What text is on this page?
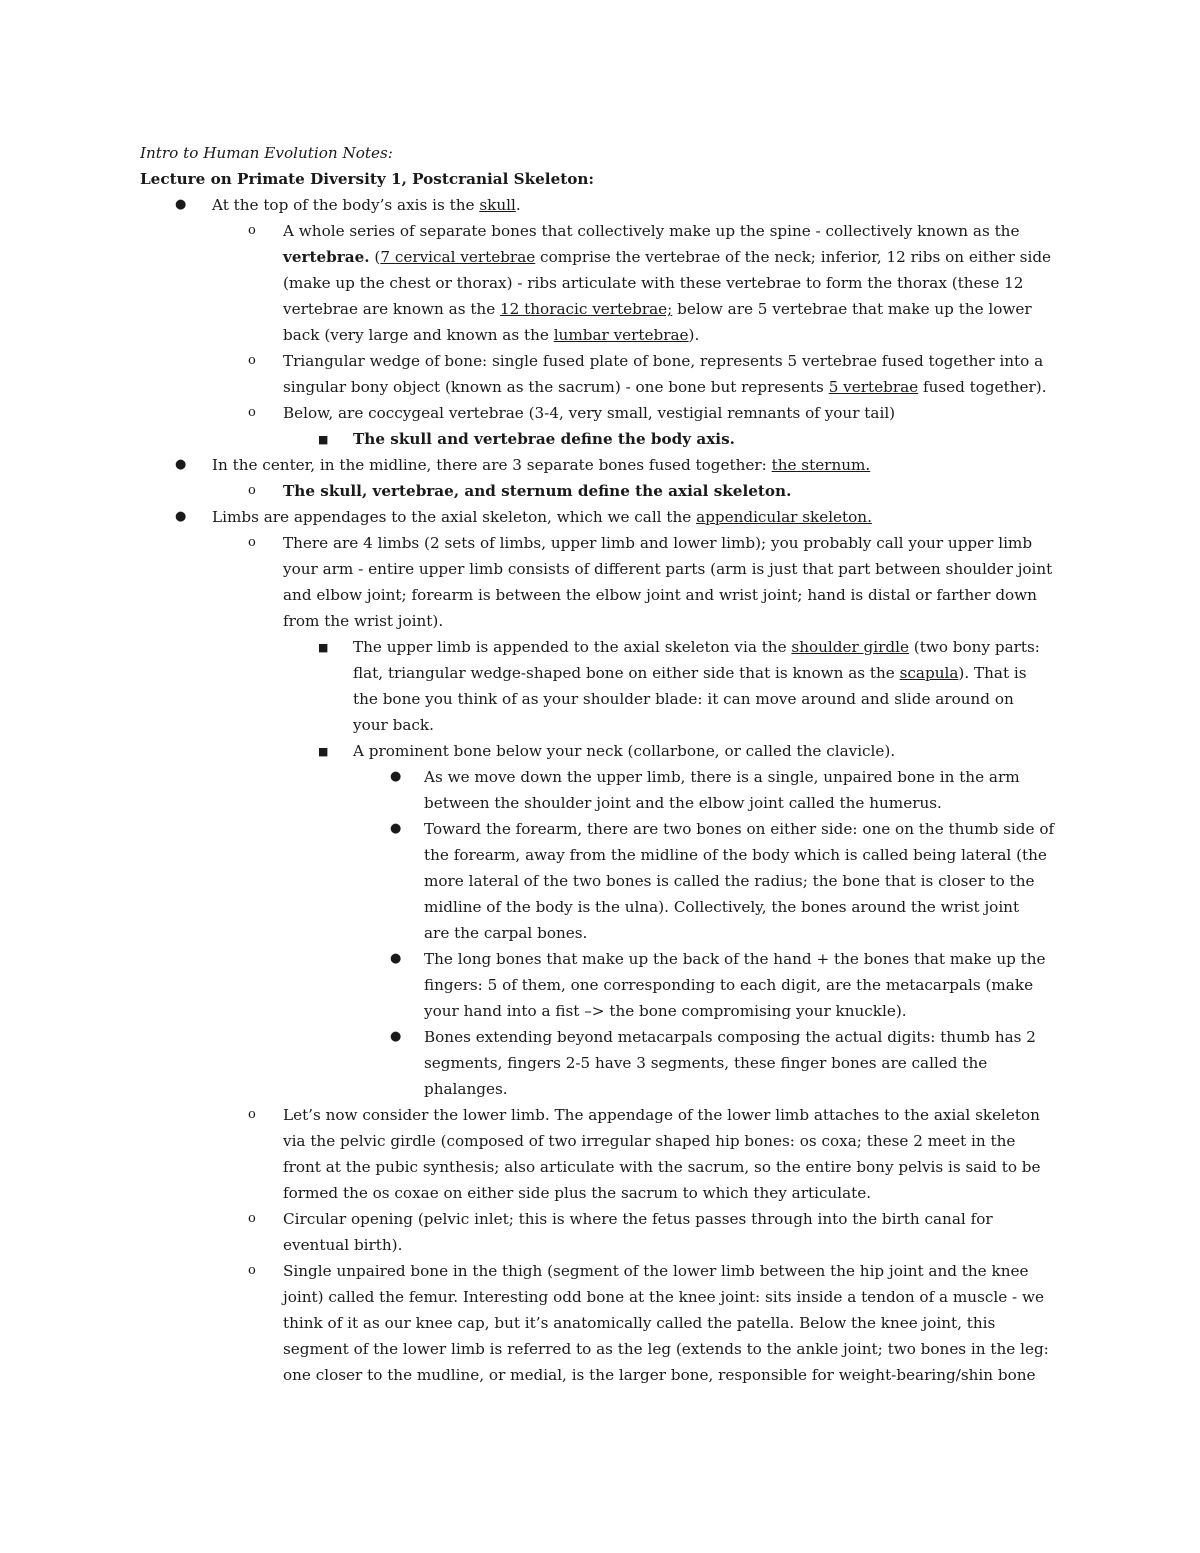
Intro to Human Evolution Notes:
Lecture on Primate Diversity 1, Postcranial Skeleton:
● At the top of the body’s axis is the skull.
o A whole series of separate bones that collectively make up the spine - collectively known as the
vertebrae. (7 cervical vertebrae comprise the vertebrae of the neck; inferior, 12 ribs on either side
(make up the chest or thorax) - ribs articulate with these vertebrae to form the thorax (these 12
vertebrae are known as the 12 thoracic vertebrae; below are 5 vertebrae that make up the lower
back (very large and known as the lumbar vertebrae).
o Triangular wedge of bone: single fused plate of bone, represents 5 vertebrae fused together into a
singular bony object (known as the sacrum) - one bone but represents 5 vertebrae fused together).
o Below, are coccygeal vertebrae (3-4, very small, vestigial remnants of your tail)
■ The skull and vertebrae define the body axis.
● In the center, in the midline, there are 3 separate bones fused together: the sternum.
o The skull, vertebrae, and sternum define the axial skeleton.
● Limbs are appendages to the axial skeleton, which we call the appendicular skeleton.
o There are 4 limbs (2 sets of limbs, upper limb and lower limb); you probably call your upper limb
your arm - entire upper limb consists of different parts (arm is just that part between shoulder joint
and elbow joint; forearm is between the elbow joint and wrist joint; hand is distal or farther down
from the wrist joint).
■ The upper limb is appended to the axial skeleton via the shoulder girdle (two bony parts:
flat, triangular wedge-shaped bone on either side that is known as the scapula). That is
the bone you think of as your shoulder blade: it can move around and slide around on
your back.
■ A prominent bone below your neck (collarbone, or called the clavicle).
● As we move down the upper limb, there is a single, unpaired bone in the arm
between the shoulder joint and the elbow joint called the humerus.
● Toward the forearm, there are two bones on either side: one on the thumb side of
the forearm, away from the midline of the body which is called being lateral (the
more lateral of the two bones is called the radius; the bone that is closer to the
midline of the body is the ulna). Collectively, the bones around the wrist joint
are the carpal bones.
● The long bones that make up the back of the hand + the bones that make up the
fingers: 5 of them, one corresponding to each digit, are the metacarpals (make
your hand into a fist –> the bone compromising your knuckle).
● Bones extending beyond metacarpals composing the actual digits: thumb has 2
segments, fingers 2-5 have 3 segments, these finger bones are called the
phalanges.
o Let’s now consider the lower limb. The appendage of the lower limb attaches to the axial skeleton
via the pelvic girdle (composed of two irregular shaped hip bones: os coxa; these 2 meet in the
front at the pubic synthesis; also articulate with the sacrum, so the entire bony pelvis is said to be
formed the os coxae on either side plus the sacrum to which they articulate.
o Circular opening (pelvic inlet; this is where the fetus passes through into the birth canal for
eventual birth).
o Single unpaired bone in the thigh (segment of the lower limb between the hip joint and the knee
joint) called the femur. Interesting odd bone at the knee joint: sits inside a tendon of a muscle - we
think of it as our knee cap, but it’s anatomically called the patella. Below the knee joint, this
segment of the lower limb is referred to as the leg (extends to the ankle joint; two bones in the leg:
one closer to the mudline, or medial, is the larger bone, responsible for weight-bearing/shin bone
